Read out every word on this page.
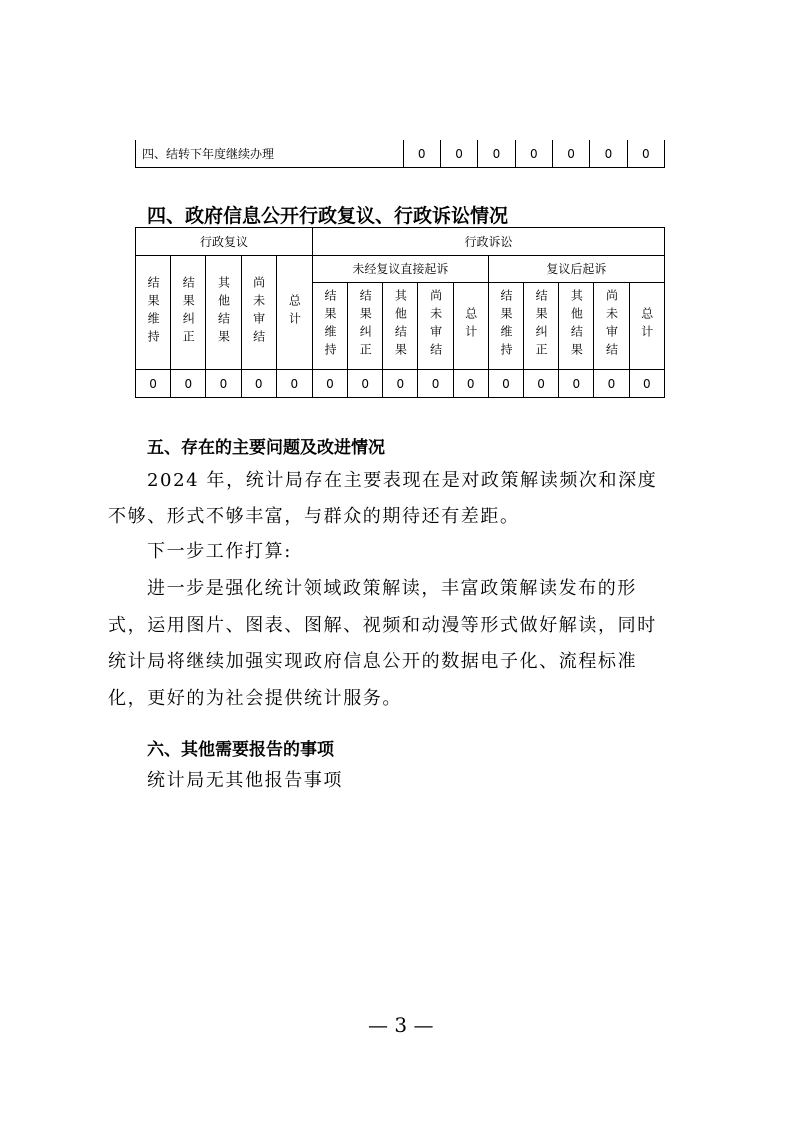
四、结转下年度继续办理	0	0	0	0	0	0	0
四、政府信息公开行政复议、行政诉讼情况
行政复议					行政诉讼									
结果维持	结果纠正	其他结果	尚未审结	总计	未经复议直接起诉					复议后起诉				
					结果维持	结果纠正	其他结果	尚未审结	总计	结果维持	结果纠正	其他结果	尚未审结	总计
0	0	0	0	0	0	0	0	0	0	0	0	0	0	0
五、存在的主要问题及改进情况
2024 年，统计局存在主要表现在是对政策解读频次和深度
不够、形式不够丰富，与群众的期待还有差距。
下一步工作打算:
进一步是强化统计领域政策解读，丰富政策解读发布的形
式，运用图片、图表、图解、视频和动漫等形式做好解读，同时
统计局将继续加强实现政府信息公开的数据电子化、流程标准
化，更好的为社会提供统计服务。
六、其他需要报告的事项
统计局无其他报告事项
— 3 —
